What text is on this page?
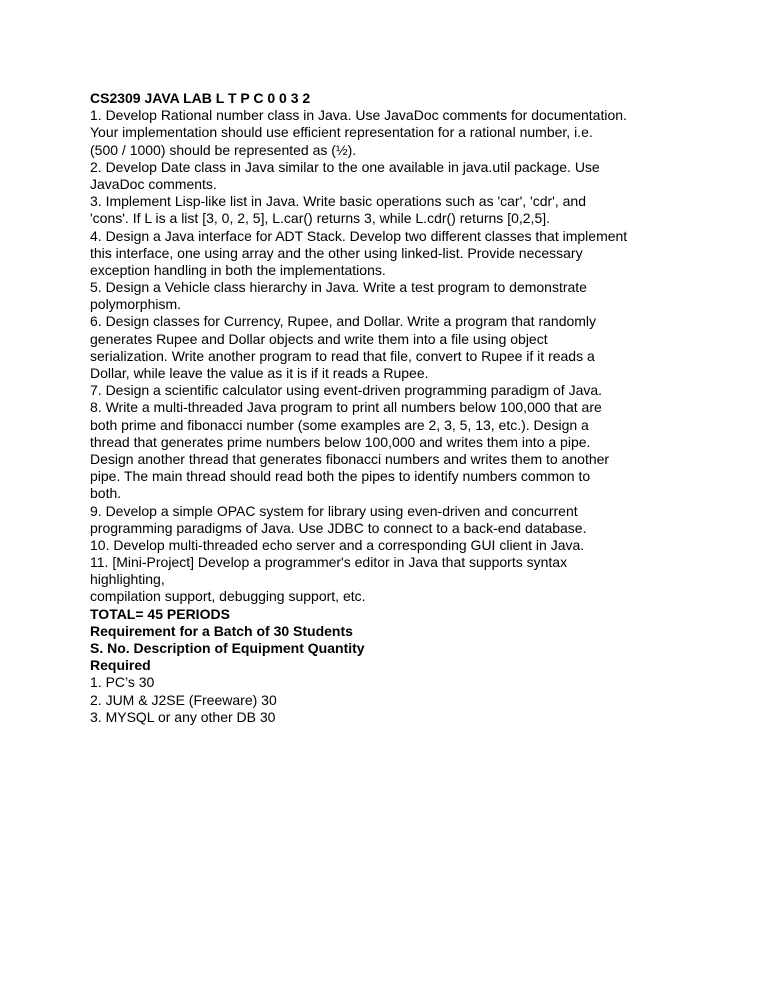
CS2309 JAVA LAB L T P C 0 0 3 2
1. Develop Rational number class in Java. Use JavaDoc comments for documentation.
Your implementation should use efficient representation for a rational number, i.e.
(500 / 1000) should be represented as (½).
2. Develop Date class in Java similar to the one available in java.util package. Use
JavaDoc comments.
3. Implement Lisp-like list in Java. Write basic operations such as 'car', 'cdr', and
'cons'. If L is a list [3, 0, 2, 5], L.car() returns 3, while L.cdr() returns [0,2,5].
4. Design a Java interface for ADT Stack. Develop two different classes that implement
this interface, one using array and the other using linked-list. Provide necessary
exception handling in both the implementations.
5. Design a Vehicle class hierarchy in Java. Write a test program to demonstrate
polymorphism.
6. Design classes for Currency, Rupee, and Dollar. Write a program that randomly
generates Rupee and Dollar objects and write them into a file using object
serialization. Write another program to read that file, convert to Rupee if it reads a
Dollar, while leave the value as it is if it reads a Rupee.
7. Design a scientific calculator using event-driven programming paradigm of Java.
8. Write a multi-threaded Java program to print all numbers below 100,000 that are
both prime and fibonacci number (some examples are 2, 3, 5, 13, etc.). Design a
thread that generates prime numbers below 100,000 and writes them into a pipe.
Design another thread that generates fibonacci numbers and writes them to another
pipe. The main thread should read both the pipes to identify numbers common to
both.
9. Develop a simple OPAC system for library using even-driven and concurrent
programming paradigms of Java. Use JDBC to connect to a back-end database.
10. Develop multi-threaded echo server and a corresponding GUI client in Java.
11. [Mini-Project] Develop a programmer's editor in Java that supports syntax
highlighting,
compilation support, debugging support, etc.
TOTAL= 45 PERIODS
Requirement for a Batch of 30 Students
S. No. Description of Equipment Quantity
Required
1. PC’s 30
2. JUM & J2SE (Freeware) 30
3. MYSQL or any other DB 30
